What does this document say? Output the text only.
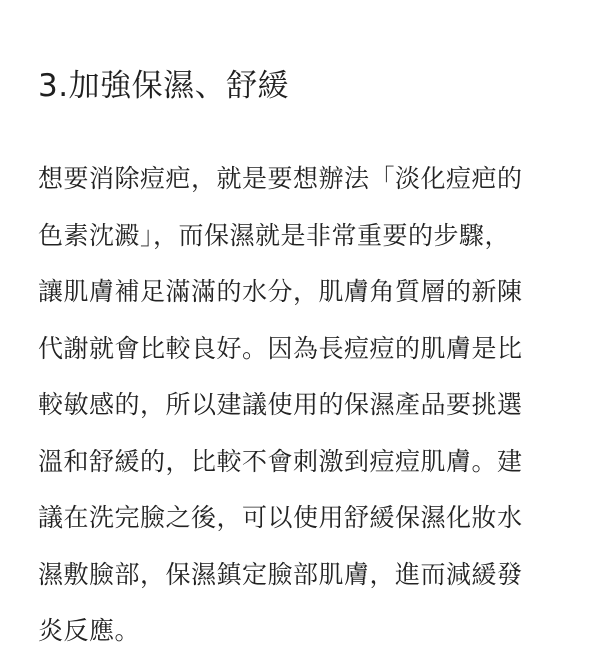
3.加強保濕、舒緩
想要消除痘疤，就是要想辦法「淡化痘疤的
色素沈澱」，而保濕就是非常重要的步驟，
讓肌膚補足滿滿的水分，肌膚角質層的新陳
代謝就會比較良好。因為長痘痘的肌膚是比
較敏感的，所以建議使用的保濕產品要挑選
溫和舒緩的，比較不會刺激到痘痘肌膚。建
議在洗完臉之後，可以使用舒緩保濕化妝水
濕敷臉部，保濕鎮定臉部肌膚，進而減緩發
炎反應。
